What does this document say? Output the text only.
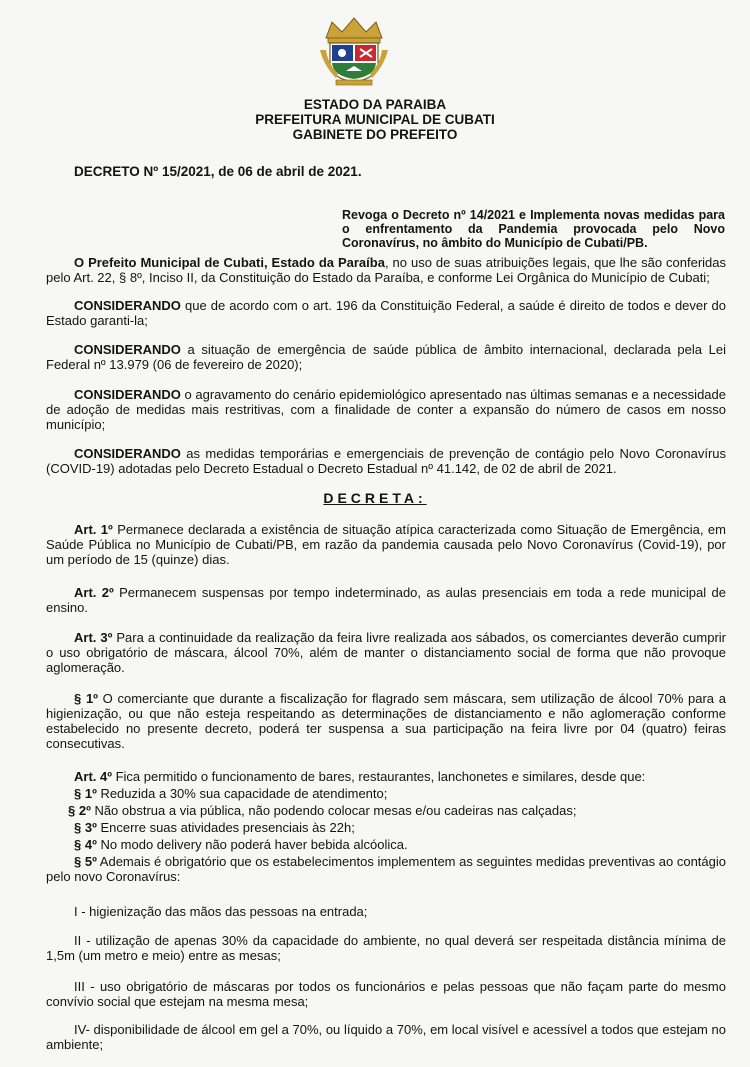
ESTADO DA PARAIBA
PREFEITURA MUNICIPAL DE CUBATI
GABINETE DO PREFEITO

DECRETO Nº 15/2021, de 06 de abril de 2021.

Revoga o Decreto nº 14/2021 e Implementa novas medidas para o enfrentamento da Pandemia provocada pelo Novo Coronavírus, no âmbito do Município de Cubati/PB.

O Prefeito Municipal de Cubati, Estado da Paraíba, no uso de suas atribuições legais, que lhe são conferidas pelo Art. 22, § 8º, Inciso II, da Constituição do Estado da Paraíba, e conforme Lei Orgânica do Município de Cubati;

CONSIDERANDO que de acordo com o art. 196 da Constituição Federal, a saúde é direito de todos e dever do Estado garanti-la;

CONSIDERANDO a situação de emergência de saúde pública de âmbito internacional, declarada pela Lei Federal nº 13.979 (06 de fevereiro de 2020);

CONSIDERANDO o agravamento do cenário epidemiológico apresentado nas últimas semanas e a necessidade de adoção de medidas mais restritivas, com a finalidade de conter a expansão do número de casos em nosso município;

CONSIDERANDO as medidas temporárias e emergenciais de prevenção de contágio pelo Novo Coronavírus (COVID-19) adotadas pelo Decreto Estadual o Decreto Estadual nº 41.142, de 02 de abril de 2021.

DECRETA:

Art. 1º Permanece declarada a existência de situação atípica caracterizada como Situação de Emergência, em Saúde Pública no Município de Cubati/PB, em razão da pandemia causada pelo Novo Coronavírus (Covid-19), por um período de 15 (quinze) dias.

Art. 2º Permanecem suspensas por tempo indeterminado, as aulas presenciais em toda a rede municipal de ensino.

Art. 3º Para a continuidade da realização da feira livre realizada aos sábados, os comerciantes deverão cumprir o uso obrigatório de máscara, álcool 70%, além de manter o distanciamento social de forma que não provoque aglomeração.

§ 1º O comerciante que durante a fiscalização for flagrado sem máscara, sem utilização de álcool 70% para a higienização, ou que não esteja respeitando as determinações de distanciamento e não aglomeração conforme estabelecido no presente decreto, poderá ter suspensa a sua participação na feira livre por 04 (quatro) feiras consecutivas.

Art. 4º Fica permitido o funcionamento de bares, restaurantes, lanchonetes e similares, desde que:
§ 1º Reduzida a 30% sua capacidade de atendimento;
§ 2º Não obstrua a via pública, não podendo colocar mesas e/ou cadeiras nas calçadas;
§ 3º Encerre suas atividades presenciais às 22h;
§ 4º No modo delivery não poderá haver bebida alcóolica.

§ 5º Ademais é obrigatório que os estabelecimentos implementem as seguintes medidas preventivas ao contágio pelo novo Coronavírus:

I - higienização das mãos das pessoas na entrada;

II - utilização de apenas 30% da capacidade do ambiente, no qual deverá ser respeitada distância mínima de 1,5m (um metro e meio) entre as mesas;

III - uso obrigatório de máscaras por todos os funcionários e pelas pessoas que não façam parte do mesmo convívio social que estejam na mesma mesa;

IV- disponibilidade de álcool em gel a 70%, ou líquido a 70%, em local visível e acessível a todos que estejam no ambiente;
